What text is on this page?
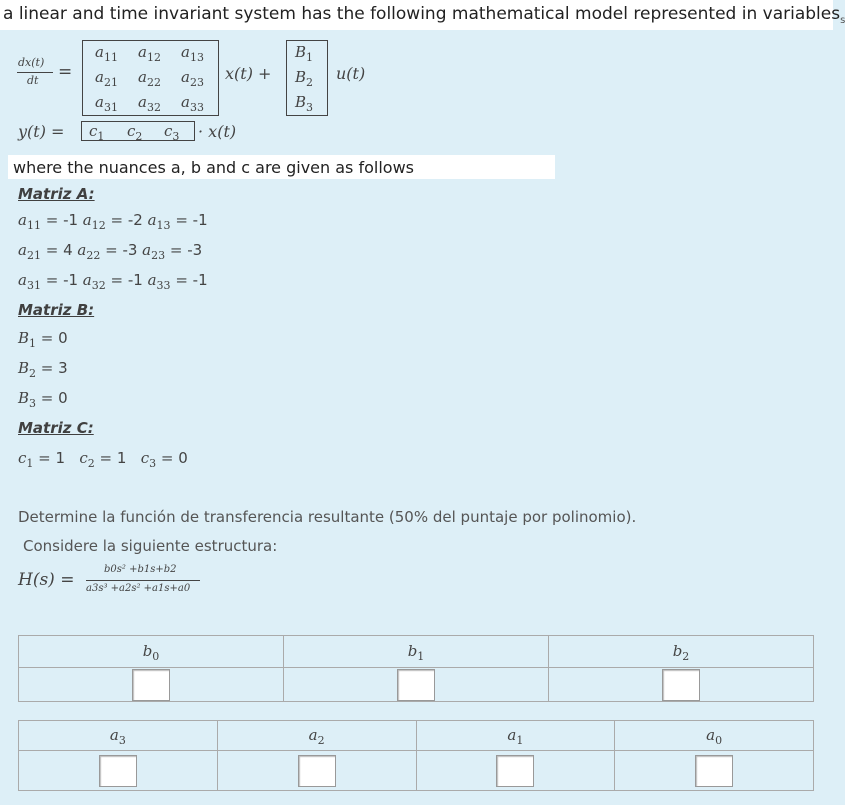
a linear and time invariant system has the following mathematical model represented in variables$_s$
dx(t)
dt =
$a_{11}$ $a_{12}$ $a_{13}$
$a_{21}$ $a_{22}$ $a_{23}$
$a_{31}$ $a_{32}$ $a_{33}$
x(t) +
$B_1$
$B_2$
$B_3$
u(t)
$y(t) = c_1$ $c_2$ $c_3 \cdot x(t)$
where the nuances a, b and c are given as follows
Matriz A:
$a_{11} = -1$ $a_{12} = -2$ $a_{13} = -1$
$a_{21} = 4$ $a_{22} = -3$ $a_{23} = -3$
$a_{31} = -1$ $a_{32} = -1$ $a_{33} = -1$
Matriz B:
$B_1 = 0$
$B_2 = 3$
$B_3 = 0$
Matriz C:
$c_1 = 1$   $c_2 = 1$   $c_3 = 0$
Determine la función de transferencia resultante (50% del puntaje por polinomio).
Considere la siguiente estructura:
H(s) =
b0s² +b1s+b2
a3s³ +a2s² +a1s+a0
$b_0$	$b_1$	$b_2$

$a_3$	$a_2$	$a_1$	$a_0$
